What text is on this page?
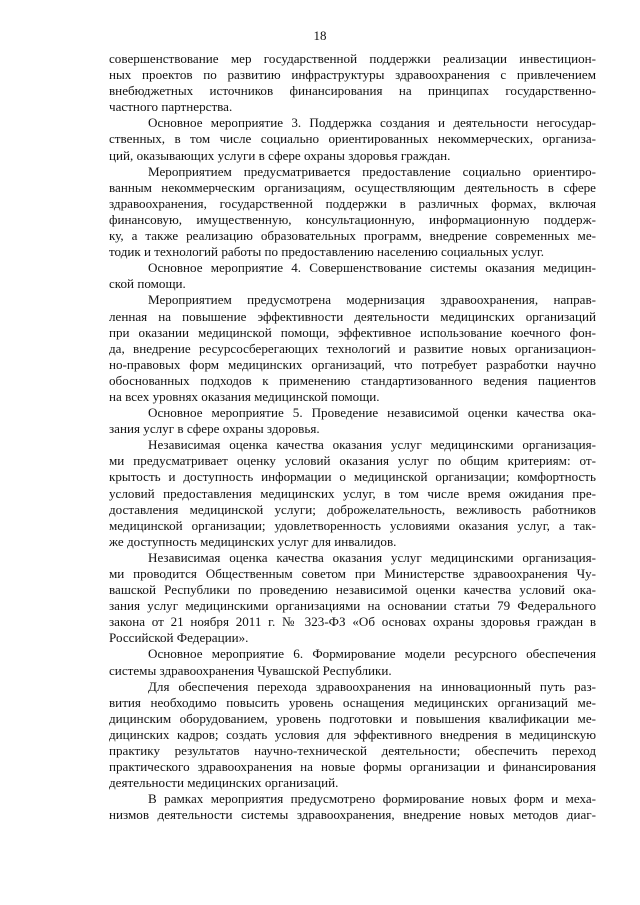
18

совершенствование мер государственной поддержки реализации инвестицион-
ных проектов по развитию инфраструктуры здравоохранения с привлечением
внебюджетных источников финансирования на принципах государственно-
частного партнерства.

Основное мероприятие 3. Поддержка создания и деятельности негосудар-
ственных, в том числе социально ориентированных некоммерческих, организа-
ций, оказывающих услуги в сфере охраны здоровья граждан.

Мероприятием предусматривается предоставление социально ориентиро-
ванным некоммерческим организациям, осуществляющим деятельность в сфере
здравоохранения, государственной поддержки в различных формах, включая
финансовую, имущественную, консультационную, информационную поддерж-
ку, а также реализацию образовательных программ, внедрение современных ме-
тодик и технологий работы по предоставлению населению социальных услуг.

Основное мероприятие 4. Совершенствование системы оказания медицин-
ской помощи.

Мероприятием предусмотрена модернизация здравоохранения, направ-
ленная на повышение эффективности деятельности медицинских организаций
при оказании медицинской помощи, эффективное использование коечного фон-
да, внедрение ресурсосберегающих технологий и развитие новых организацион-
но-правовых форм медицинских организаций, что потребует разработки научно
обоснованных подходов к применению стандартизованного ведения пациентов
на всех уровнях оказания медицинской помощи.

Основное мероприятие 5. Проведение независимой оценки качества ока-
зания услуг в сфере охраны здоровья.

Независимая оценка качества оказания услуг медицинскими организация-
ми предусматривает оценку условий оказания услуг по общим критериям: от-
крытость и доступность информации о медицинской организации; комфортность
условий предоставления медицинских услуг, в том числе время ожидания пре-
доставления медицинской услуги; доброжелательность, вежливость работников
медицинской организации; удовлетворенность условиями оказания услуг, а так-
же доступность медицинских услуг для инвалидов.

Независимая оценка качества оказания услуг медицинскими организация-
ми проводится Общественным советом при Министерстве здравоохранения Чу-
вашской Республики по проведению независимой оценки качества условий ока-
зания услуг медицинскими организациями на основании статьи 79 Федерального
закона от 21 ноября 2011 г. № 323-ФЗ «Об основах охраны здоровья граждан в
Российской Федерации».

Основное мероприятие 6. Формирование модели ресурсного обеспечения
системы здравоохранения Чувашской Республики.

Для обеспечения перехода здравоохранения на инновационный путь раз-
вития необходимо повысить уровень оснащения медицинских организаций ме-
дицинским оборудованием, уровень подготовки и повышения квалификации ме-
дицинских кадров; создать условия для эффективного внедрения в медицинскую
практику результатов научно-технической деятельности; обеспечить переход
практического здравоохранения на новые формы организации и финансирования
деятельности медицинских организаций.

В рамках мероприятия предусмотрено формирование новых форм и меха-
низмов деятельности системы здравоохранения, внедрение новых методов диаг-
